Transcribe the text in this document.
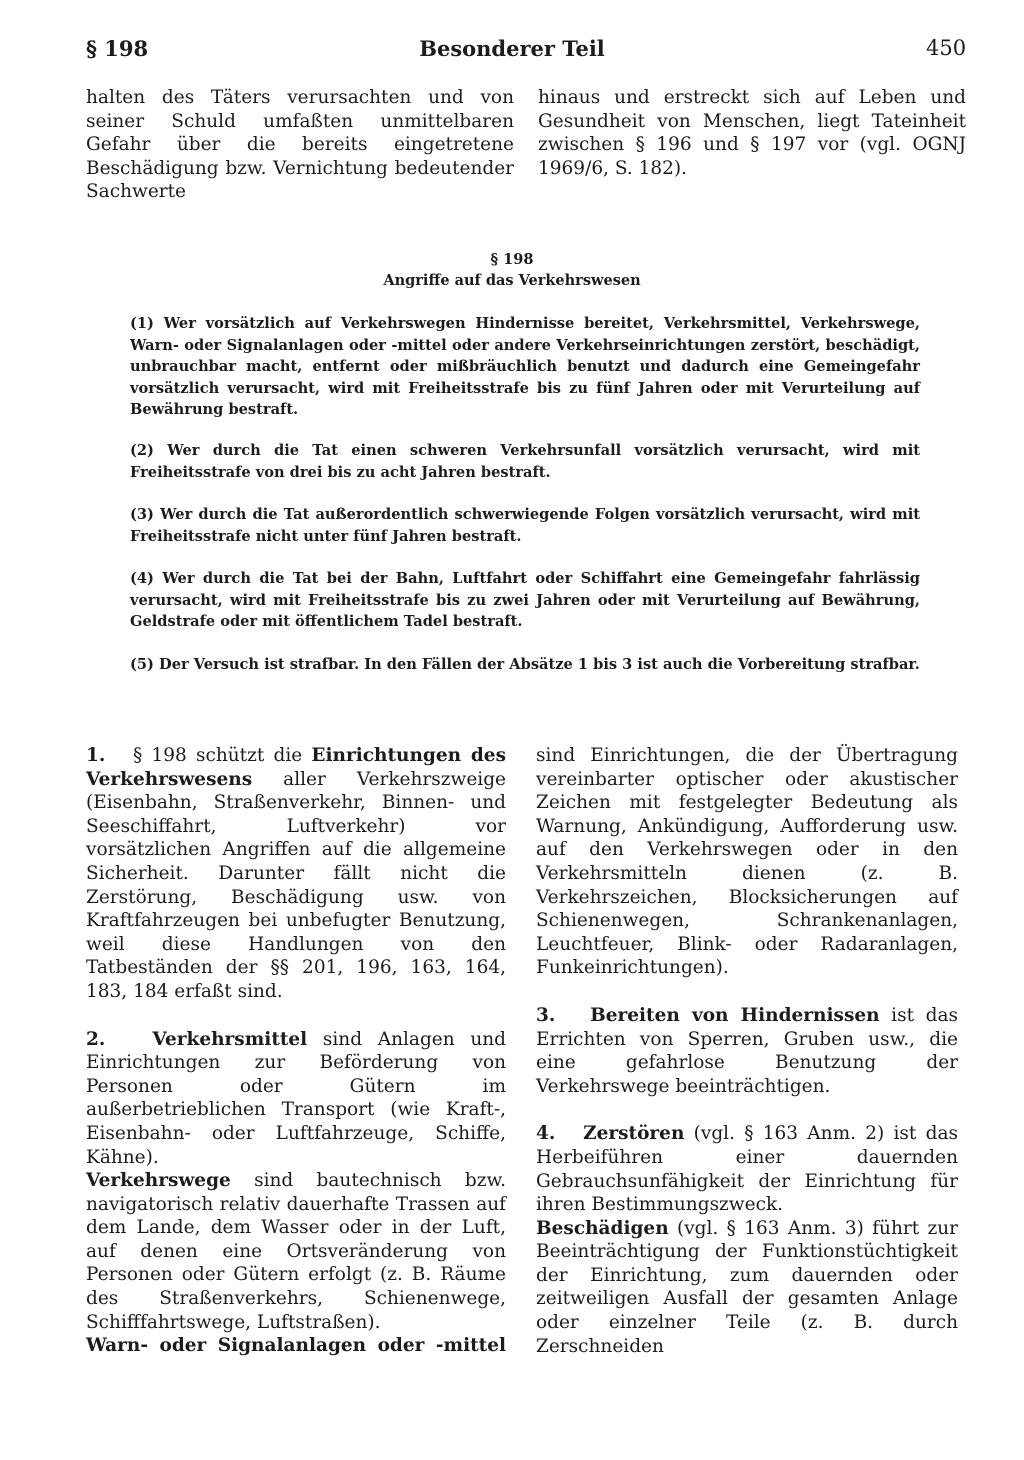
§ 198	Besonderer Teil	450
halten des Täters verursachten und von seiner Schuld umfaßten unmittelbaren Gefahr über die bereits eingetretene Beschädigung bzw. Vernichtung bedeutender Sachwerte
hinaus und erstreckt sich auf Leben und Gesundheit von Menschen, liegt Tateinheit zwischen § 196 und § 197 vor (vgl. OGNJ 1969/6, S. 182).
§ 198
Angriffe auf das Verkehrswesen
(1) Wer vorsätzlich auf Verkehrswegen Hindernisse bereitet, Verkehrsmittel, Verkehrswege, Warn- oder Signalanlagen oder -mittel oder andere Verkehrseinrichtungen zerstört, beschädigt, unbrauchbar macht, entfernt oder mißbräuchlich benutzt und dadurch eine Gemeingefahr vorsätzlich verursacht, wird mit Freiheitsstrafe bis zu fünf Jahren oder mit Verurteilung auf Bewährung bestraft.
(2) Wer durch die Tat einen schweren Verkehrsunfall vorsätzlich verursacht, wird mit Freiheitsstrafe von drei bis zu acht Jahren bestraft.
(3) Wer durch die Tat außerordentlich schwerwiegende Folgen vorsätzlich verursacht, wird mit Freiheitsstrafe nicht unter fünf Jahren bestraft.
(4) Wer durch die Tat bei der Bahn, Luftfahrt oder Schiffahrt eine Gemeingefahr fahrlässig verursacht, wird mit Freiheitsstrafe bis zu zwei Jahren oder mit Verurteilung auf Bewährung, Geldstrafe oder mit öffentlichem Tadel bestraft.
(5) Der Versuch ist strafbar. In den Fällen der Absätze 1 bis 3 ist auch die Vorbereitung strafbar.

1. § 198 schützt die Einrichtungen des Verkehrswesens aller Verkehrszweige (Eisenbahn, Straßenverkehr, Binnen- und Seeschiffahrt, Luftverkehr) vor vorsätzlichen Angriffen auf die allgemeine Sicherheit. Darunter fällt nicht die Zerstörung, Beschädigung usw. von Kraftfahrzeugen bei unbefugter Benutzung, weil diese Handlungen von den Tatbeständen der §§ 201, 196, 163, 164, 183, 184 erfaßt sind.

2.	Verkehrsmittel sind Anlagen und Einrichtungen zur Beförderung von Personen oder Gütern im außerbetrieblichen Transport (wie Kraft-, Eisenbahn- oder Luftfahrzeuge, Schiffe, Kähne).

Verkehrswege sind bautechnisch bzw. navigatorisch relativ dauerhafte Trassen auf dem Lande, dem Wasser oder in der Luft, auf denen eine Ortsveränderung von Personen oder Gütern erfolgt (z. B. Räume des Straßenverkehrs, Schienenwege, Schifffahrtswege, Luftstraßen).

Warn- oder Signalanlagen oder -mittel

sind Einrichtungen, die der Übertragung vereinbarter optischer oder akustischer Zeichen mit festgelegter Bedeutung als Warnung, Ankündigung, Aufforderung usw. auf den Verkehrswegen oder in den Verkehrsmitteln dienen (z. B. Verkehrszeichen, Blocksicherungen auf Schienenwegen, Schrankenanlagen, Leuchtfeuer, Blink- oder Radaranlagen, Funkeinrichtungen).

3. Bereiten von Hindernissen ist das Errichten von Sperren, Gruben usw., die eine gefahrlose Benutzung der Verkehrswege beeinträchtigen.

4. Zerstören (vgl. § 163 Anm. 2) ist das Herbeiführen einer dauernden Gebrauchsunfähigkeit der Einrichtung für ihren Bestimmungszweck.

Beschädigen (vgl. § 163 Anm. 3) führt zur Beeinträchtigung der Funktionstüchtigkeit der Einrichtung, zum dauernden oder zeitweiligen Ausfall der gesamten Anlage oder einzelner Teile (z. B. durch Zerschneiden
